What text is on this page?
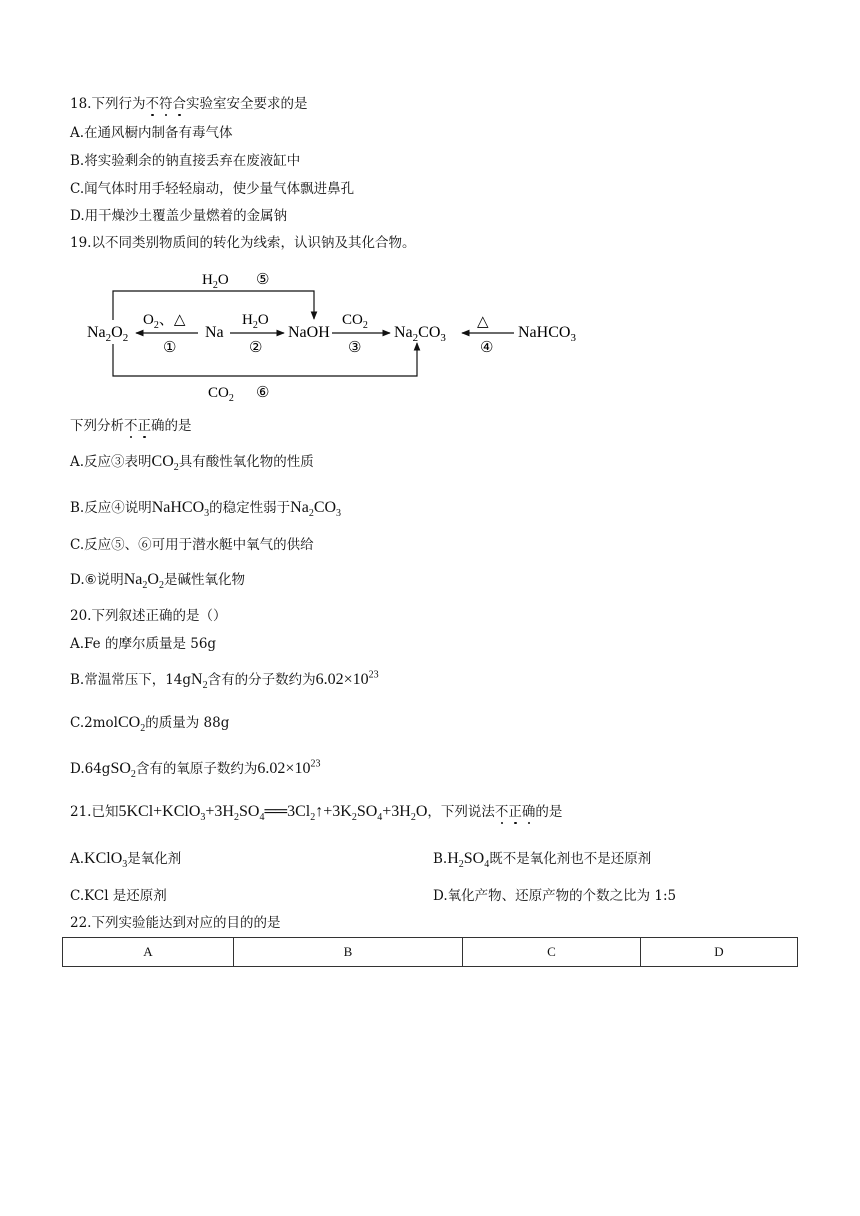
18.下列行为不符合实验室安全要求的是
A.在通风橱内制备有毒气体
B.将实验剩余的钠直接丢弃在废液缸中
C.闻气体时用手轻轻扇动，使少量气体飘进鼻孔
D.用干燥沙土覆盖少量燃着的金属钠
19.以不同类别物质间的转化为线索，认识钠及其化合物。
$Na_2O_2$	Na	NaOH	$Na_2CO_3$	NaHCO$_3$
$O_2$、△
①
$H_2O$
②
$CO_2$
③
△
④
$H_2O$ ⑤
$CO_2$ ⑥
下列分析不正确的是
A.反应③表明$CO_2$具有酸性氧化物的性质
B.反应④说明NaHCO$_3$的稳定性弱于$Na_2CO_3$
C.反应⑤、⑥可用于潜水艇中氧气的供给
D.⑥说明$Na_2O_2$是碱性氧化物
20.下列叙述正确的是（）
A.Fe 的摩尔质量是 56g
B.常温常压下，$14gN_2$含有的分子数约为$6.02\times 10^{23}$
C.2molCO$_2$的质量为 88g
D.64gSO$_2$含有的氧原子数约为$6.02\times 10^{23}$
21.已知$5KCl+KClO_3+3H_2SO_4══3Cl_2↑+3K_2SO_4+3H_2O$，下列说法不正确的是
A.KClO$_3$是氧化剂	$B.H_2SO_4$既不是氧化剂也不是还原剂
C.KCl 是还原剂	D.氧化产物、还原产物的个数之比为 1:5
22.下列实验能达到对应的目的的是
A	B	C	D
